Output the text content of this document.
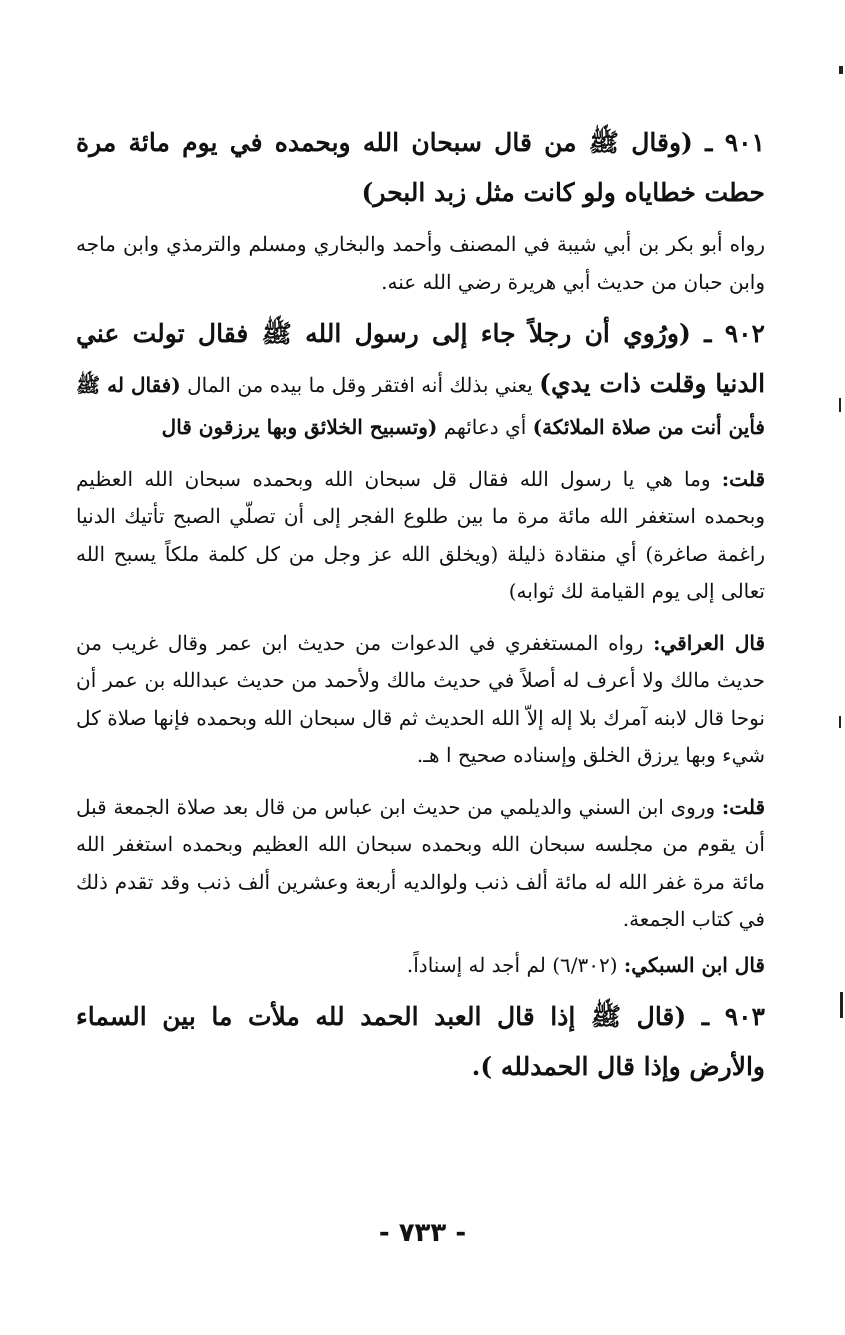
٩٠١ ـ (وقال ﷺ من قال سبحان الله وبحمده في يوم مائة مرة حطت خطاياه ولو كانت مثل زبد البحر)

رواه أبو بكر بن أبي شيبة في المصنف وأحمد والبخاري ومسلم والترمذي وابن ماجه وابن حبان من حديث أبي هريرة رضي الله عنه.

٩٠٢ ـ (ورُوي أن رجلاً جاء إلى رسول الله ﷺ فقال تولت عني الدنيا وقلت ذات يدي) يعني بذلك أنه افتقر وقل ما بيده من المال (فقال له ﷺ فأين أنت من صلاة الملائكة) أي دعائهم (وتسبيح الخلائق وبها يرزقون قال

قلت: وما هي يا رسول الله فقال قل سبحان الله وبحمده سبحان الله العظيم وبحمده استغفر الله مائة مرة ما بين طلوع الفجر إلى أن تصلّي الصبح تأتيك الدنيا راغمة صاغرة) أي منقادة ذليلة (ويخلق الله عز وجل من كل كلمة ملكاً يسبح الله تعالى إلى يوم القيامة لك ثوابه)

قال العراقي: رواه المستغفري في الدعوات من حديث ابن عمر وقال غريب من حديث مالك ولا أعرف له أصلاً في حديث مالك ولأحمد من حديث عبدالله بن عمر أن نوحا قال لابنه آمرك بلا إله إلاّ الله الحديث ثم قال سبحان الله وبحمده فإنها صلاة كل شيء وبها يرزق الخلق وإسناده صحيح ا هـ.

قلت: وروى ابن السني والديلمي من حديث ابن عباس من قال بعد صلاة الجمعة قبل أن يقوم من مجلسه سبحان الله وبحمده سبحان الله العظيم وبحمده استغفر الله مائة مرة غفر الله له مائة ألف ذنب ولوالديه أربعة وعشرين ألف ذنب وقد تقدم ذلك في كتاب الجمعة.

قال ابن السبكي: (٦/٣٠٢) لم أجد له إسناداً.

٩٠٣ ـ (قال ﷺ إذا قال العبد الحمد لله ملأت ما بين السماء والأرض وإذا قال الحمدلله ).

- ٧٣٣ -
